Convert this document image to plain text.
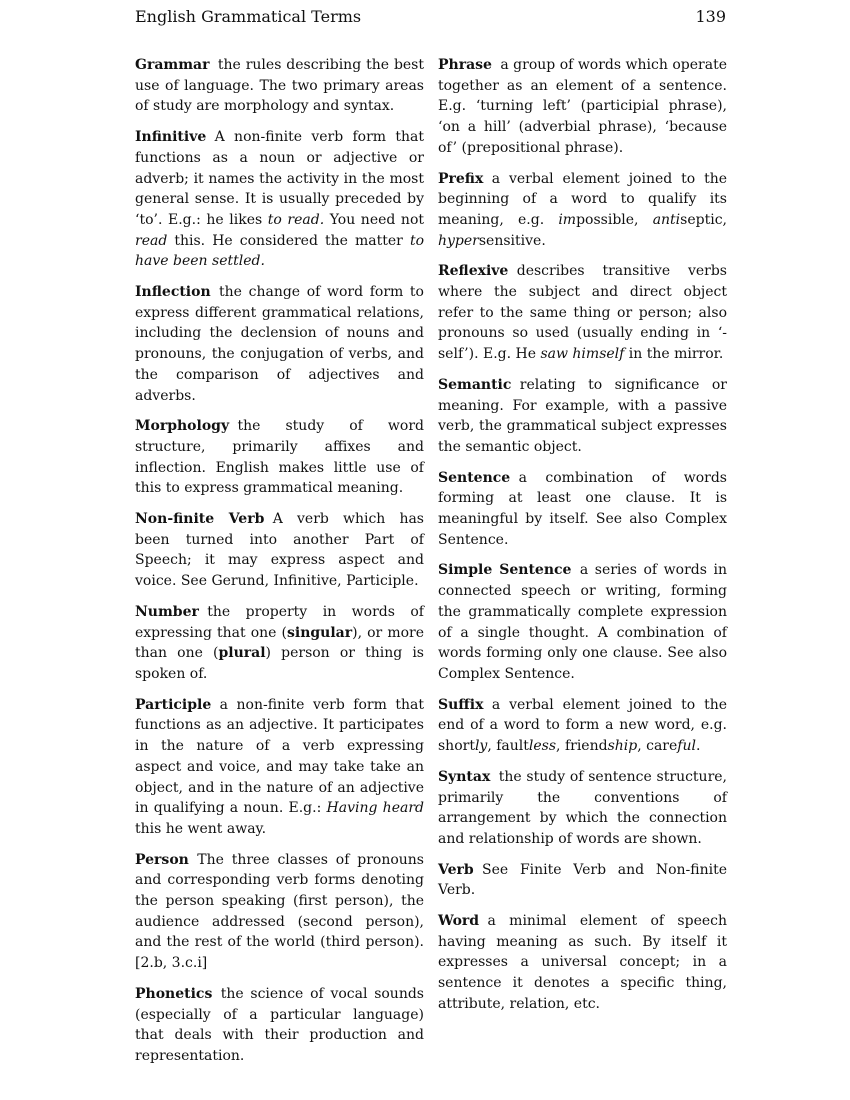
English Grammatical Terms	139

Grammar the rules describing the best use of language. The two primary areas of study are morphology and syntax.

Infinitive A non-finite verb form that functions as a noun or adjective or adverb; it names the activity in the most general sense. It is usually preceded by ‘to’. E.g.: he likes to read. You need not read this. He considered the matter to have been settled.

Inflection the change of word form to express different grammatical relations, including the declension of nouns and pronouns, the conjugation of verbs, and the comparison of adjectives and adverbs.

Morphology the study of word structure, primarily affixes and inflection. English makes little use of this to express grammatical meaning.

Non-finite Verb A verb which has been turned into another Part of Speech; it may express aspect and voice. See Gerund, Infinitive, Participle.

Number the property in words of expressing that one (singular), or more than one (plural) person or thing is spoken of.

Participle a non-finite verb form that functions as an adjective. It participates in the nature of a verb expressing aspect and voice, and may take take an object, and in the nature of an adjective in qualifying a noun. E.g.: Having heard this he went away.

Person The three classes of pronouns and corresponding verb forms denoting the person speaking (first person), the audience addressed (second person), and the rest of the world (third person). [2.b, 3.c.i]

Phonetics the science of vocal sounds (especially of a particular language) that deals with their production and representation.

Phrase a group of words which operate together as an element of a sentence. E.g. ‘turning left’ (participial phrase), ‘on a hill’ (adverbial phrase), ‘because of’ (prepositional phrase).

Prefix a verbal element joined to the beginning of a word to qualify its meaning, e.g. impossible, antiseptic, hypersensitive.

Reflexive describes transitive verbs where the subject and direct object refer to the same thing or person; also pronouns so used (usually ending in ‘-self’). E.g. He saw himself in the mirror.

Semantic relating to significance or meaning. For example, with a passive verb, the grammatical subject expresses the semantic object.

Sentence a combination of words forming at least one clause. It is meaningful by itself. See also Complex Sentence.

Simple Sentence a series of words in connected speech or writing, forming the grammatically complete expression of a single thought. A combination of words forming only one clause. See also Complex Sentence.

Suffix a verbal element joined to the end of a word to form a new word, e.g. shortly, faultless, friendship, careful.

Syntax the study of sentence structure, primarily the conventions of arrangement by which the connection and relationship of words are shown.

Verb See Finite Verb and Non-finite Verb.

Word a minimal element of speech having meaning as such. By itself it expresses a universal concept; in a sentence it denotes a specific thing, attribute, relation, etc.
